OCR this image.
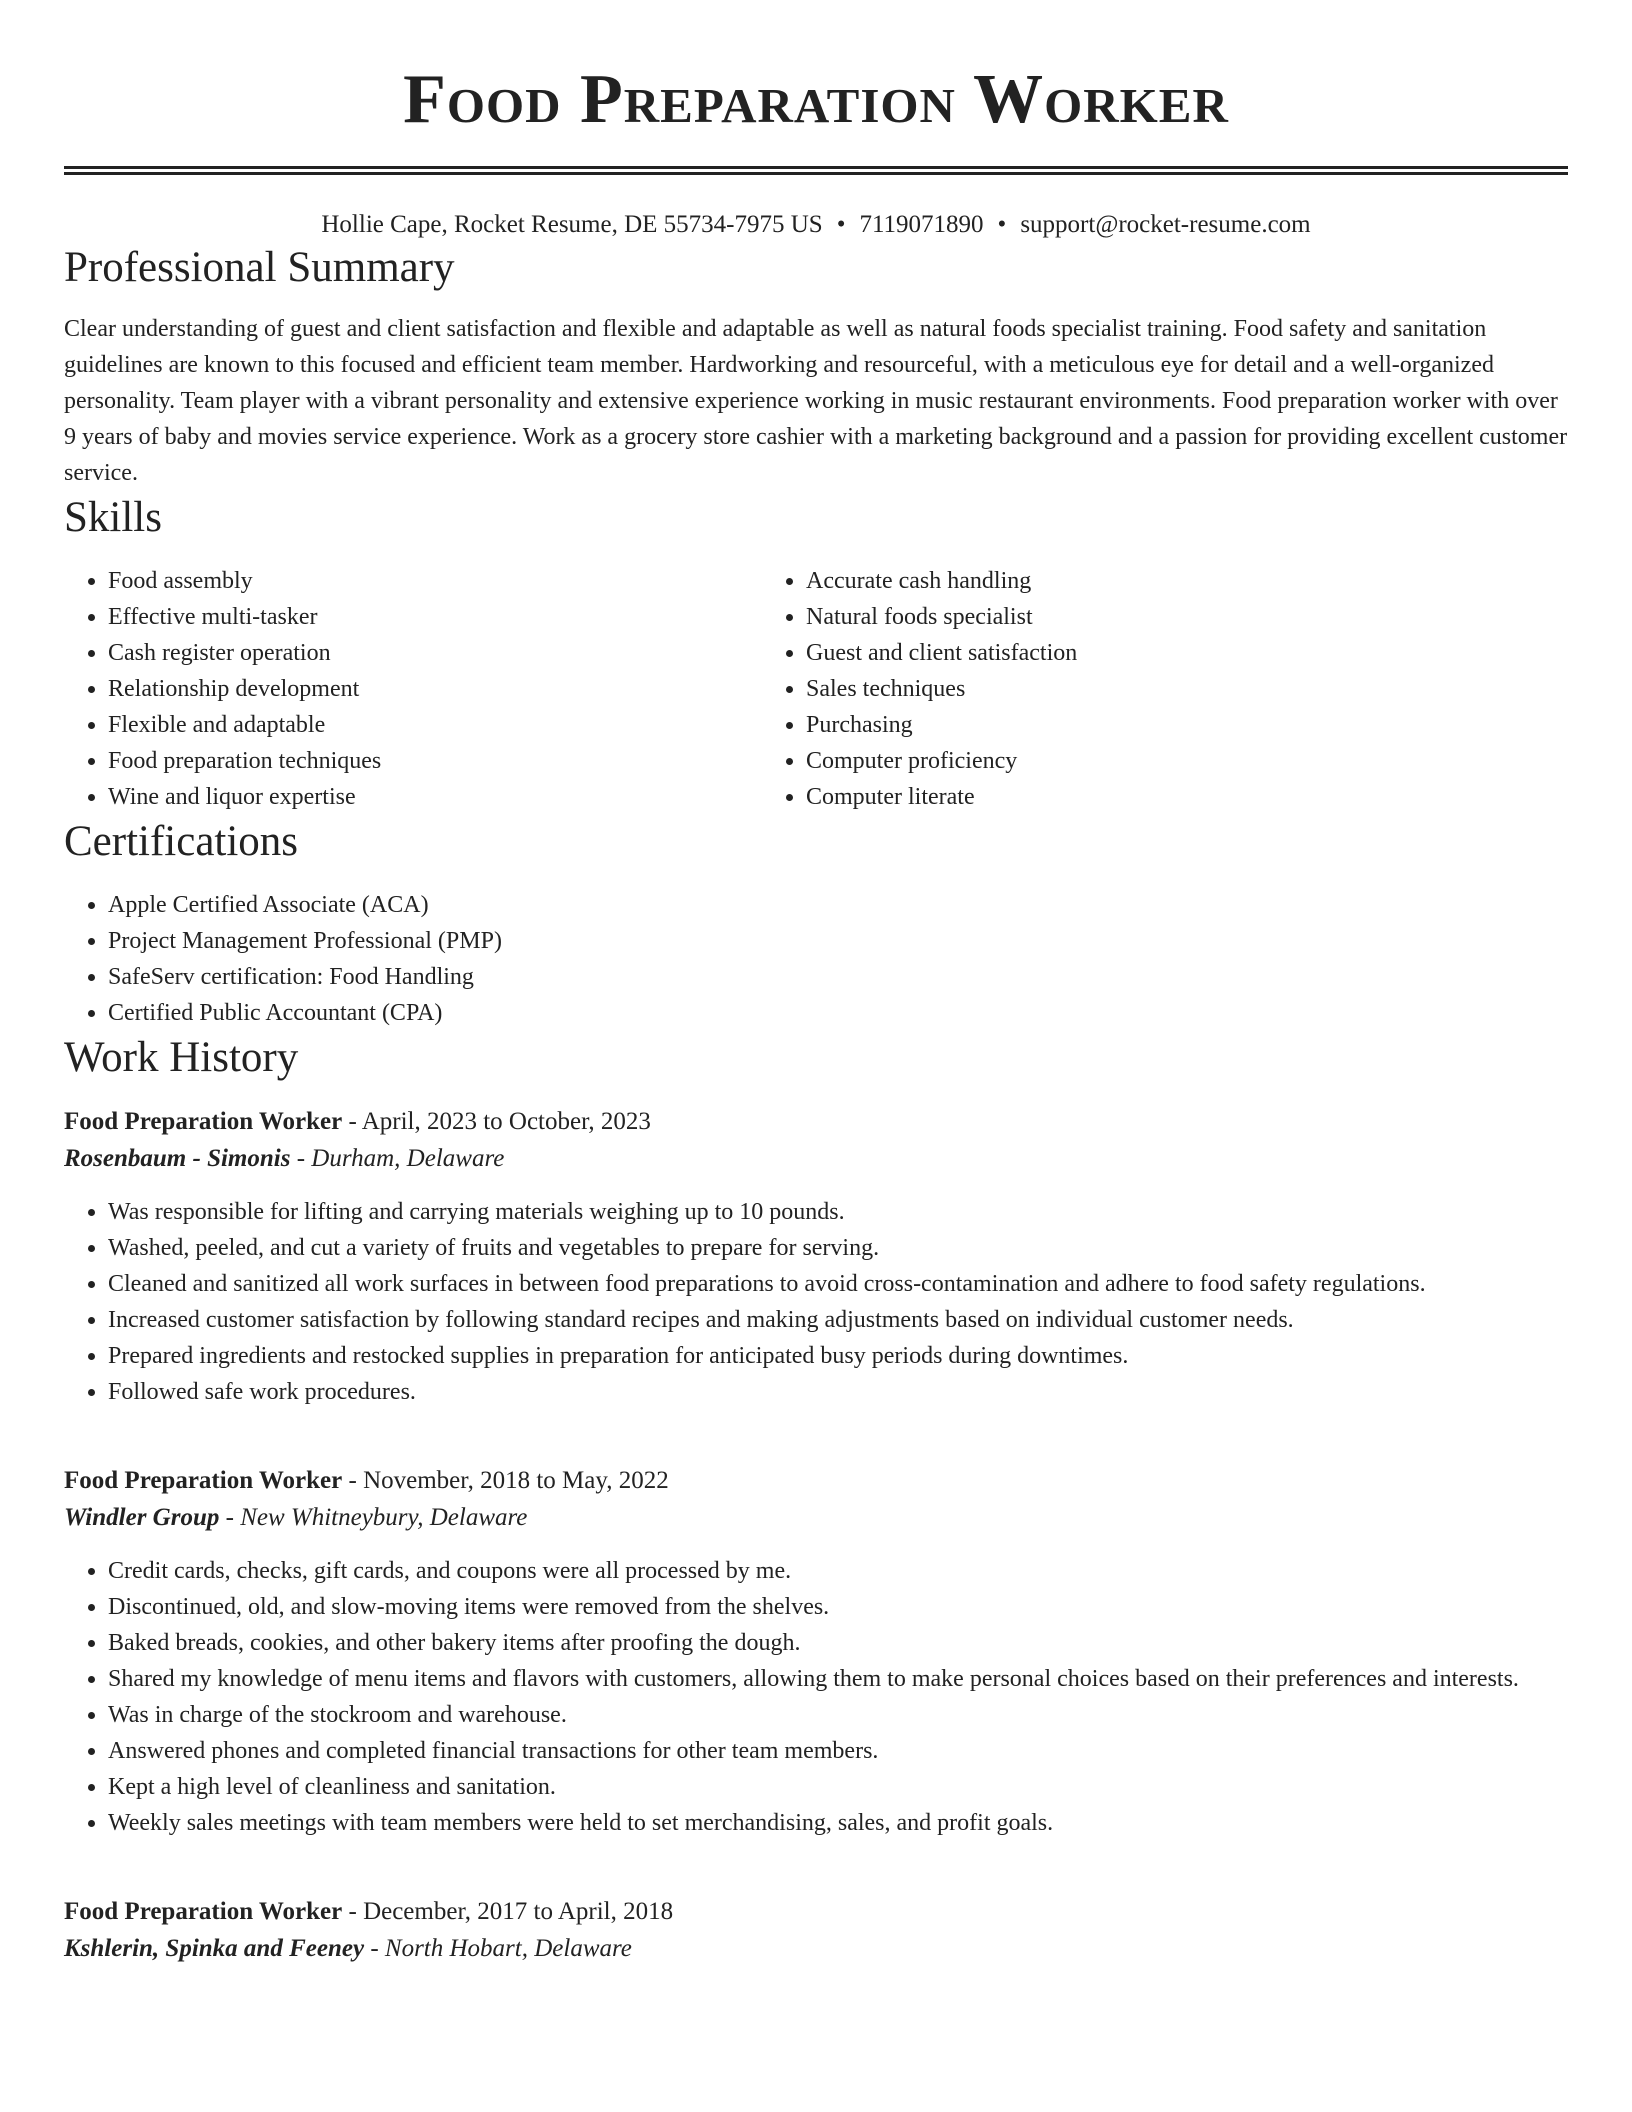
Food Preparation Worker
Hollie Cape, Rocket Resume, DE 55734-7975 US • 7119071890 • support@rocket-resume.com
Professional Summary

Clear understanding of guest and client satisfaction and flexible and adaptable as well as natural foods specialist training. Food safety and sanitation guidelines are known to this focused and efficient team member. Hardworking and resourceful, with a meticulous eye for detail and a well-organized personality. Team player with a vibrant personality and extensive experience working in music restaurant environments. Food preparation worker with over 9 years of baby and movies service experience. Work as a grocery store cashier with a marketing background and a passion for providing excellent customer service.

Skills
• Food assembly
• Effective multi-tasker
• Cash register operation
• Relationship development
• Flexible and adaptable
• Food preparation techniques
• Wine and liquor expertise
• Accurate cash handling
• Natural foods specialist
• Guest and client satisfaction
• Sales techniques
• Purchasing
• Computer proficiency
• Computer literate
Certifications
• Apple Certified Associate (ACA)
• Project Management Professional (PMP)
• SafeServ certification: Food Handling
• Certified Public Accountant (CPA)
Work History
Food Preparation Worker - April, 2023 to October, 2023
Rosenbaum - Simonis - Durham, Delaware
• Was responsible for lifting and carrying materials weighing up to 10 pounds.
• Washed, peeled, and cut a variety of fruits and vegetables to prepare for serving.
• Cleaned and sanitized all work surfaces in between food preparations to avoid cross-contamination and adhere to food safety regulations.
• Increased customer satisfaction by following standard recipes and making adjustments based on individual customer needs.
• Prepared ingredients and restocked supplies in preparation for anticipated busy periods during downtimes.
• Followed safe work procedures.
Food Preparation Worker - November, 2018 to May, 2022
Windler Group - New Whitneybury, Delaware
• Credit cards, checks, gift cards, and coupons were all processed by me.
• Discontinued, old, and slow-moving items were removed from the shelves.
• Baked breads, cookies, and other bakery items after proofing the dough.
• Shared my knowledge of menu items and flavors with customers, allowing them to make personal choices based on their preferences and interests.
• Was in charge of the stockroom and warehouse.
• Answered phones and completed financial transactions for other team members.
• Kept a high level of cleanliness and sanitation.
• Weekly sales meetings with team members were held to set merchandising, sales, and profit goals.
Food Preparation Worker - December, 2017 to April, 2018
Kshlerin, Spinka and Feeney - North Hobart, Delaware
